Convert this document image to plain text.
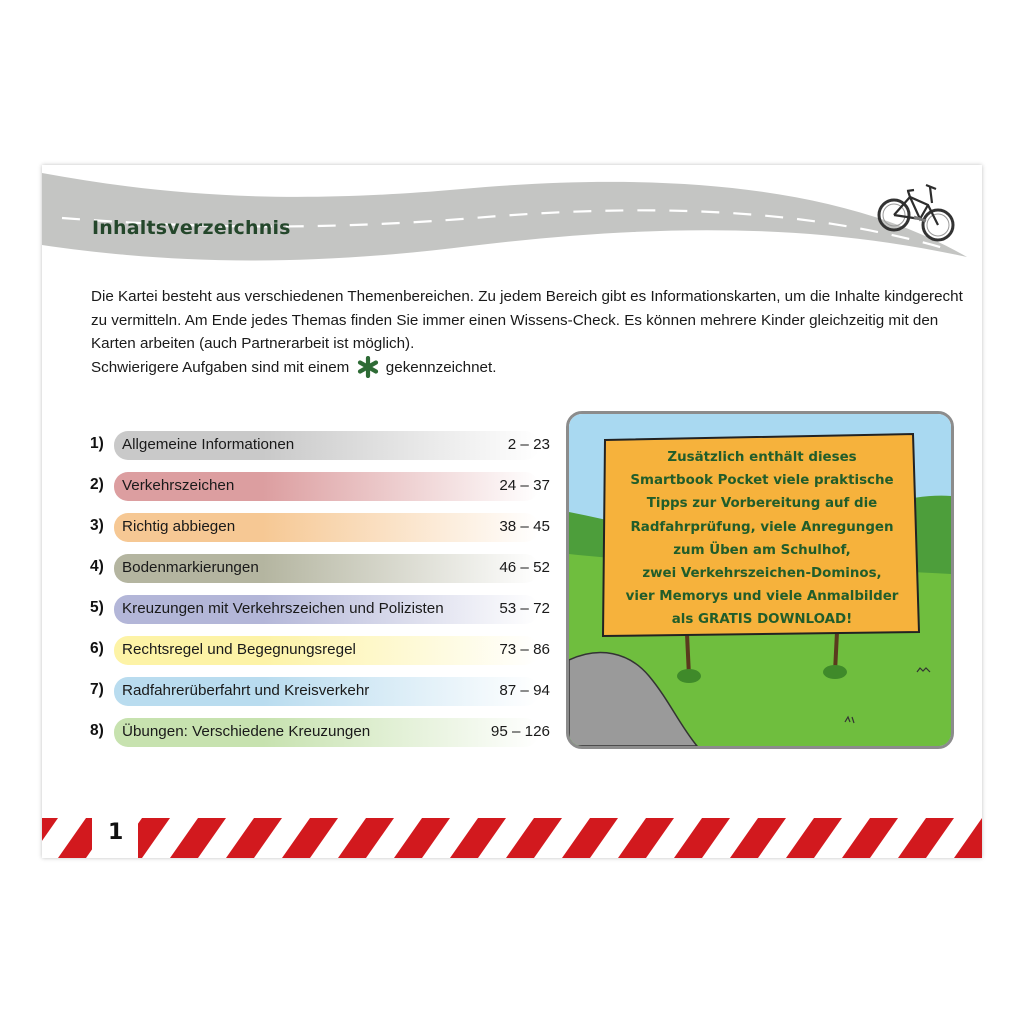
Inhaltsverzeichnis

Die Kartei besteht aus verschiedenen Themenbereichen. Zu jedem Bereich gibt es Informationskarten, um die Inhalte kindgerecht zu vermitteln. Am Ende jedes Themas finden Sie immer einen Wissens-Check. Es können mehrere Kinder gleichzeitig mit den Karten arbeiten (auch Partnerarbeit ist möglich).

Schwierigere Aufgaben sind mit einem gekennzeichnet.

1)	Allgemeine Informationen	2 – 23
2)	Verkehrszeichen	24 – 37
3)	Richtig abbiegen	38 – 45
4)	Bodenmarkierungen	46 – 52
5)	Kreuzungen mit Verkehrszeichen und Polizisten	53 – 72
6)	Rechtsregel und Begegnungsregel	73 – 86
7)	Radfahrerüberfahrt und Kreisverkehr	87 – 94
8)	Übungen: Verschiedene Kreuzungen	95 – 126
Zusätzlich enthält dieses
Smartbook Pocket viele praktische
Tipps zur Vorbereitung auf die
Radfahrprüfung, viele Anregungen
zum Üben am Schulhof,
zwei Verkehrszeichen-Dominos,
vier Memorys und viele Anmalbilder
als GRATIS DOWNLOAD!
1
